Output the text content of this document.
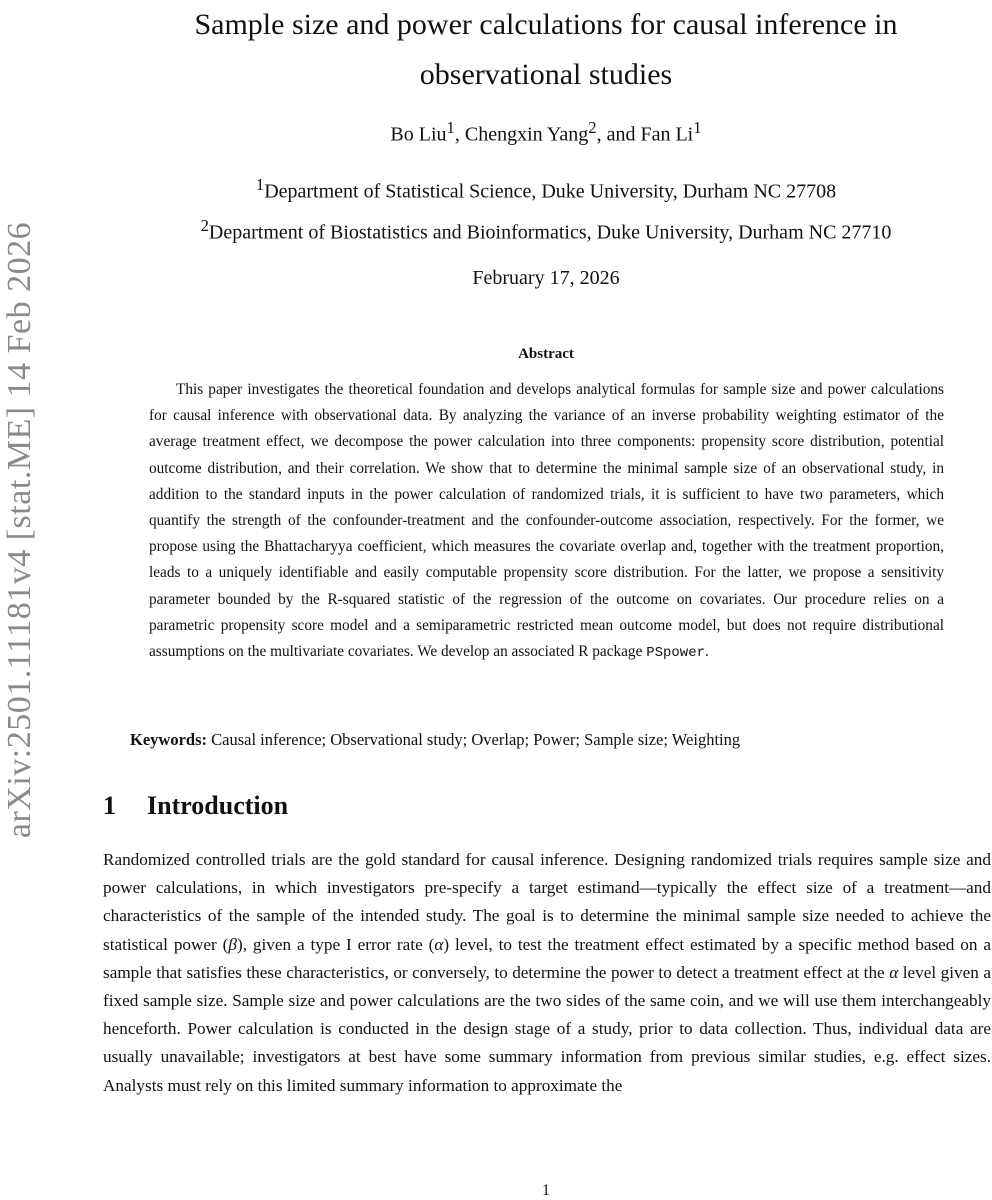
arXiv:2501.11181v4 [stat.ME] 14 Feb 2026
Sample size and power calculations for causal inference in observational studies
Bo Liu$^1$, Chengxin Yang$^2$, and Fan Li$^1$
$^1$Department of Statistical Science, Duke University, Durham NC 27708
$^2$Department of Biostatistics and Bioinformatics, Duke University, Durham NC 27710
February 17, 2026
Abstract

This paper investigates the theoretical foundation and develops analytical formulas for sample size and power calculations for causal inference with observational data. By analyzing the variance of an inverse probability weighting estimator of the average treatment effect, we decompose the power calculation into three components: propensity score distribution, potential outcome distribution, and their correlation. We show that to determine the minimal sample size of an observational study, in addition to the standard inputs in the power calculation of randomized trials, it is sufficient to have two parameters, which quantify the strength of the confounder-treatment and the confounder-outcome association, respectively. For the former, we propose using the Bhattacharyya coefficient, which measures the covariate overlap and, together with the treatment proportion, leads to a uniquely identifiable and easily computable propensity score distribution. For the latter, we propose a sensitivity parameter bounded by the R-squared statistic of the regression of the outcome on covariates. Our procedure relies on a parametric propensity score model and a semiparametric restricted mean outcome model, but does not require distributional assumptions on the multivariate covariates. We develop an associated R package PSpower.

Keywords: Causal inference; Observational study; Overlap; Power; Sample size; Weighting
1 Introduction

Randomized controlled trials are the gold standard for causal inference. Designing randomized trials requires sample size and power calculations, in which investigators pre-specify a target estimand—typically the effect size of a treatment—and characteristics of the sample of the intended study. The goal is to determine the minimal sample size needed to achieve the statistical power (β), given a type I error rate (α) level, to test the treatment effect estimated by a specific method based on a sample that satisfies these characteristics, or conversely, to determine the power to detect a treatment effect at the α level given a fixed sample size. Sample size and power calculations are the two sides of the same coin, and we will use them interchangeably henceforth. Power calculation is conducted in the design stage of a study, prior to data collection. Thus, individual data are usually unavailable; investigators at best have some summary information from previous similar studies, e.g. effect sizes. Analysts must rely on this limited summary information to approximate the

1
